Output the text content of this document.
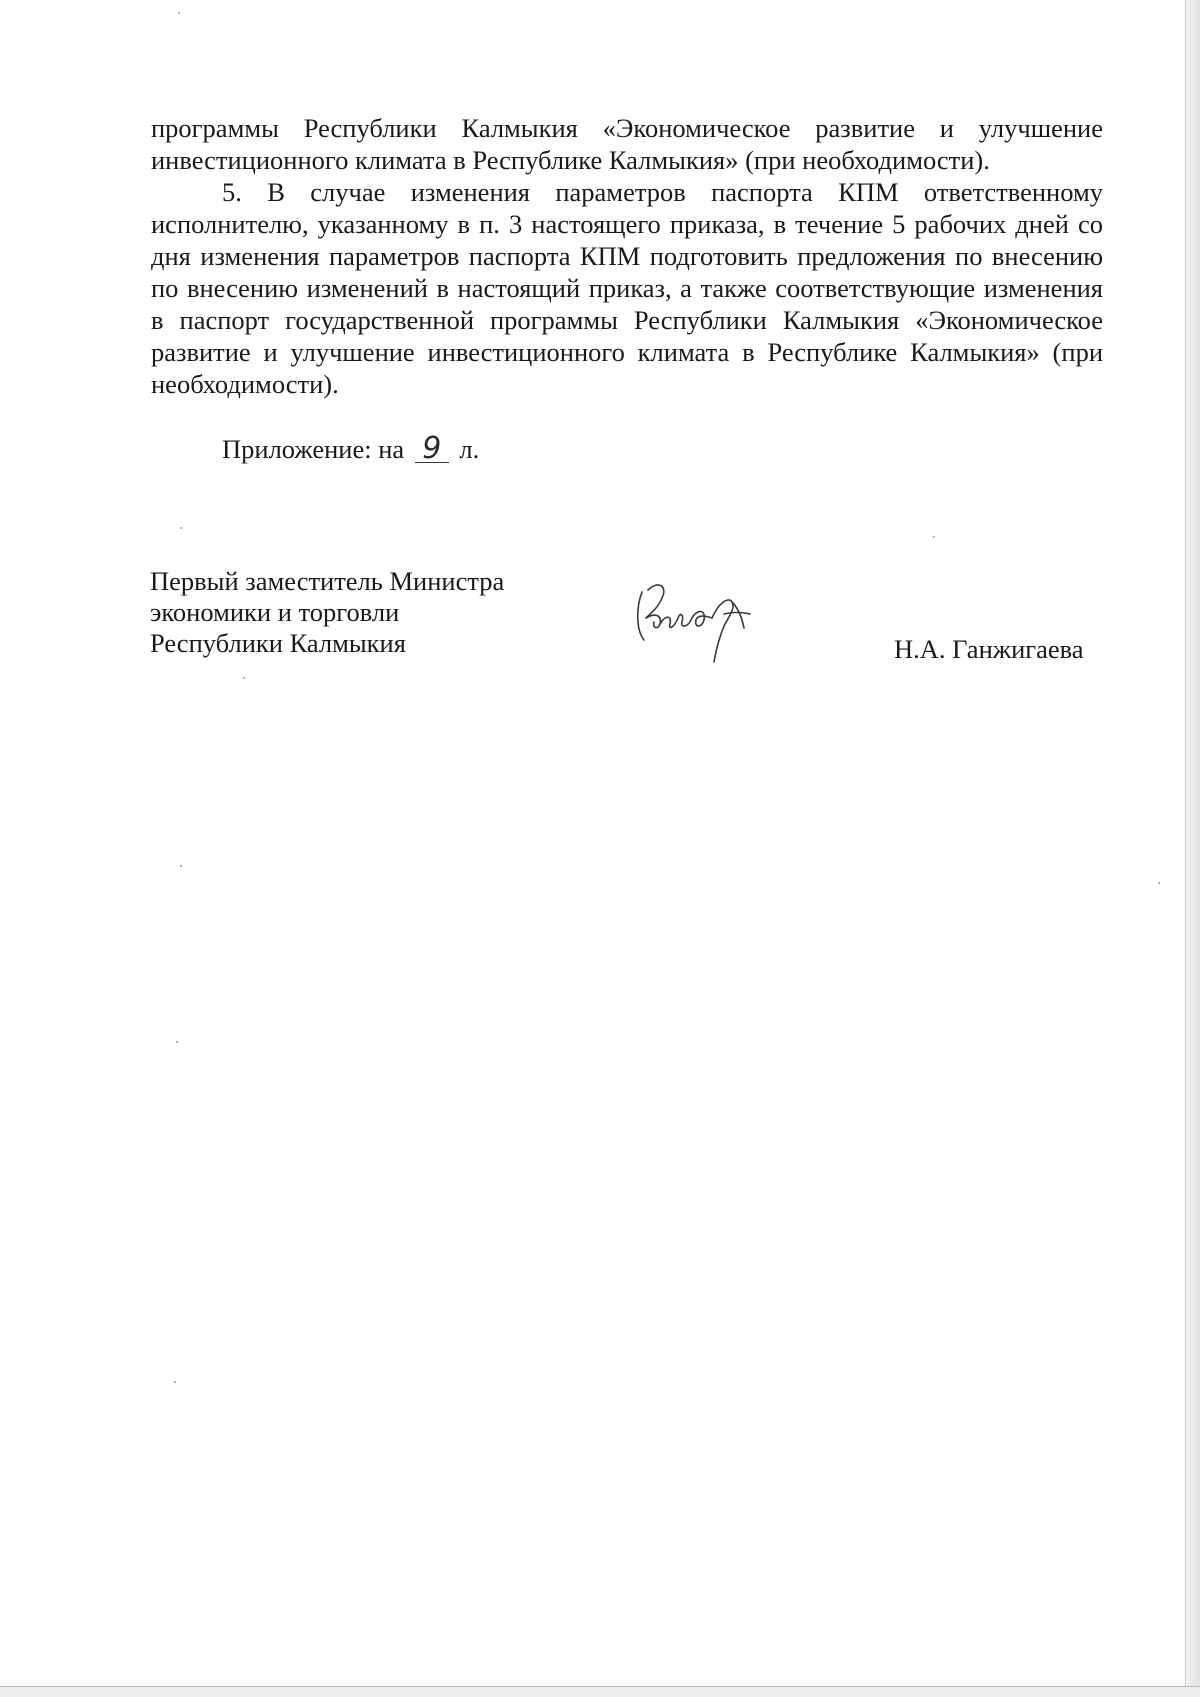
программы Республики Калмыкия «Экономическое развитие и улучшение инвестиционного климата в Республике Калмыкия» (при необходимости).

5. В случае изменения параметров паспорта КПМ ответственному исполнителю, указанному в п. 3 настоящего приказа, в течение 5 рабочих дней со дня изменения параметров паспорта КПМ подготовить предложения по внесению по внесению изменений в настоящий приказ, а также соответствующие изменения в паспорт государственной программы Республики Калмыкия «Экономическое развитие и улучшение инвестиционного климата в Республике Калмыкия» (при необходимости).

Приложение: на 9 л.
Первый заместитель Министра
экономики и торговли
Республики Калмыкия	Н.А. Ганжигаева
